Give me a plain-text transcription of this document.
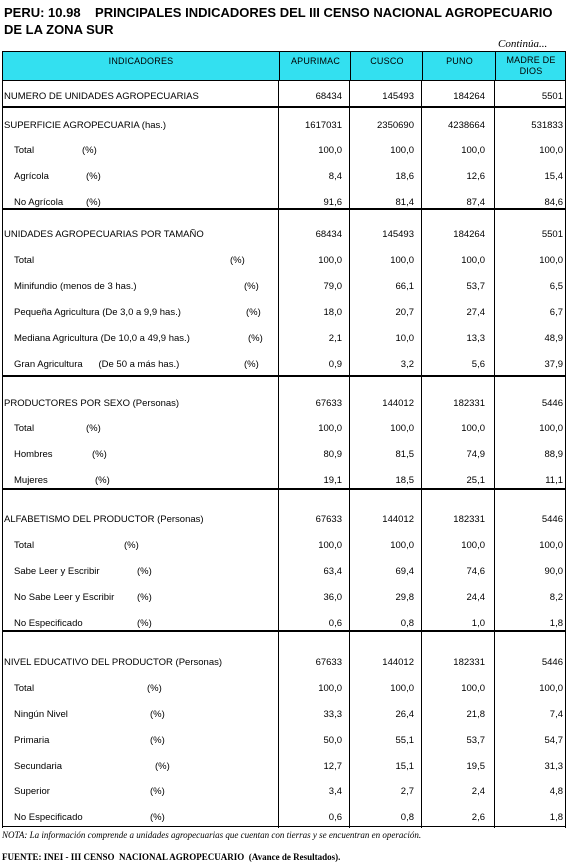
PERU: 10.98    PRINCIPALES INDICADORES DEL III CENSO NACIONAL AGROPECUARIO
DE LA ZONA SUR
Continúa...
INDICADORES	APURIMAC	CUSCO	PUNO	MADRE DE DIOS
NUMERO DE UNIDADES AGROPECUARIAS	68434	145493	184264	5501
SUPERFICIE AGROPECUARIA (has.)	1617031	2350690	4238664	531833
Total	(%)	100,0	100,0	100,0	100,0
Agrícola	(%)	8,4	18,6	12,6	15,4
No Agrícola (%)	91,6	81,4	87,4	84,6
UNIDADES AGROPECUARIAS POR TAMAÑO	68434	145493	184264	5501
Total	(%)	100,0	100,0	100,0	100,0
Minifundio (menos de 3 has.)	(%)	79,0	66,1	53,7	6,5
Pequeña Agricultura (De 3,0 a 9,9 has.)	(%)	18,0	20,7	27,4	6,7
Mediana Agricultura (De 10,0 a 49,9 has.)	(%)	2,1	10,0	13,3	48,9
Gran Agricultura      (De 50 a más has.)	(%)	0,9	3,2	5,6	37,9
PRODUCTORES POR SEXO (Personas)	67633	144012	182331	5446
Total	(%)	100,0	100,0	100,0	100,0
Hombres	(%)	80,9	81,5	74,9	88,9
Mujeres	(%)	19,1	18,5	25,1	11,1
ALFABETISMO DEL PRODUCTOR (Personas)	67633	144012	182331	5446
Total	(%)	100,0	100,0	100,0	100,0
Sabe Leer y Escribir	(%)	63,4	69,4	74,6	90,0
No Sabe Leer y Escribir (%)	36,0	29,8	24,4	8,2
No Especificado	(%)	0,6	0,8	1,0	1,8
NIVEL EDUCATIVO DEL PRODUCTOR (Personas)	67633	144012	182331	5446
Total	(%)	100,0	100,0	100,0	100,0
Ningún Nivel	(%)	33,3	26,4	21,8	7,4
Primaria	(%)	50,0	55,1	53,7	54,7
Secundaria	(%)	12,7	15,1	19,5	31,3
Superior	(%)	3,4	2,7	2,4	4,8
No Especificado	(%)	0,6	0,8	2,6	1,8
NOTA: La información comprende a unidades agropecuarias que cuentan con tierras y se encuentran en operación.
FUENTE: INEI - III CENSO  NACIONAL AGROPECUARIO  (Avance de Resultados).
